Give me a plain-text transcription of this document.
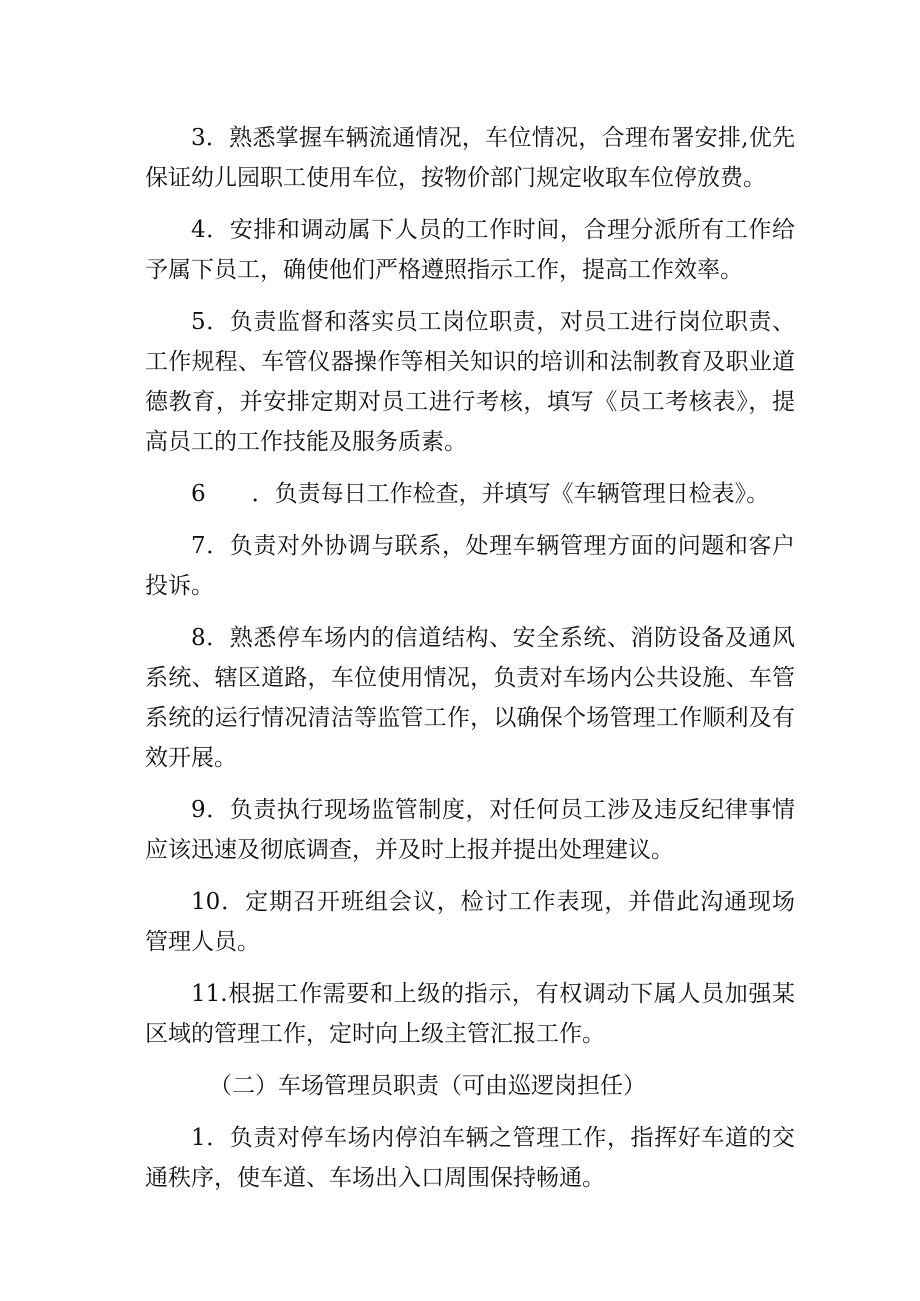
3．熟悉掌握车辆流通情况，车位情况，合理布署安排,优先保证幼儿园职工使用车位，按物价部门规定收取车位停放费。

4．安排和调动属下人员的工作时间，合理分派所有工作给予属下员工，确使他们严格遵照指示工作，提高工作效率。

5．负责监督和落实员工岗位职责，对员工进行岗位职责、工作规程、车管仪器操作等相关知识的培训和法制教育及职业道德教育，并安排定期对员工进行考核，填写《员工考核表》，提高员工的工作技能及服务质素。

6　　．负责每日工作检查，并填写《车辆管理日检表》。

7．负责对外协调与联系，处理车辆管理方面的问题和客户投诉。

8．熟悉停车场内的信道结构、安全系统、消防设备及通风系统、辖区道路，车位使用情况，负责对车场内公共设施、车管系统的运行情况清洁等监管工作，以确保个场管理工作顺利及有效开展。

9．负责执行现场监管制度，对任何员工涉及违反纪律事情应该迅速及彻底调查，并及时上报并提出处理建议。

10．定期召开班组会议，检讨工作表现，并借此沟通现场管理人员。

11.根据工作需要和上级的指示，有权调动下属人员加强某区域的管理工作，定时向上级主管汇报工作。

（二）车场管理员职责（可由巡逻岗担任）

1．负责对停车场内停泊车辆之管理工作，指挥好车道的交通秩序，使车道、车场出入口周围保持畅通。
